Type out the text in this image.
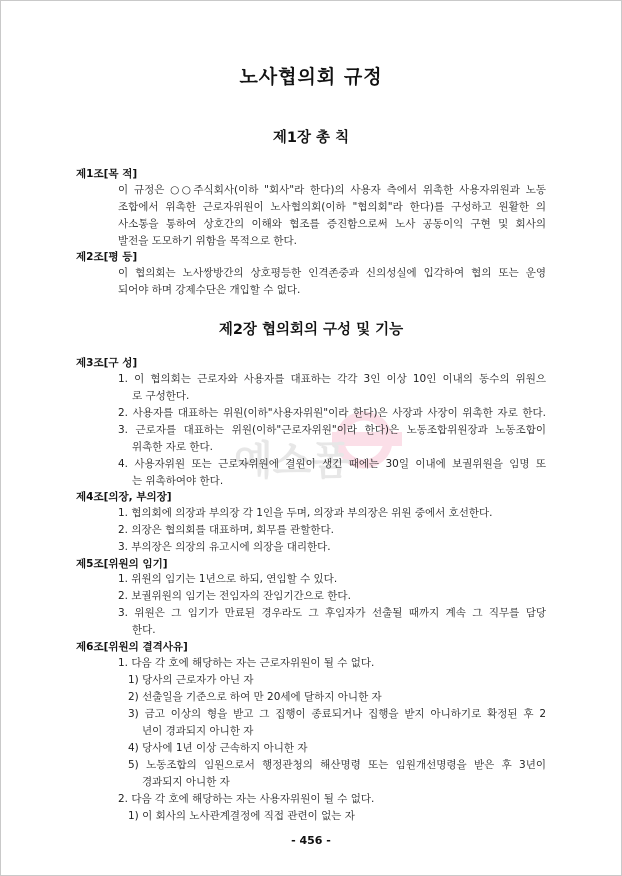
예스폼
노사협의회 규정
제1장 총 칙
제1조[목 적]
이 규정은 ○○주식회사(이하 "회사"라 한다)의 사용자 측에서 위촉한 사용자위원과 노동
조합에서 위촉한 근로자위원이 노사협의회(이하 "협의회"라 한다)를 구성하고 원활한 의
사소통을 통하여 상호간의 이해와 협조를 증진함으로써 노사 공동이익 구현 및 회사의
발전을 도모하기 위함을 목적으로 한다.
제2조[평 등]
이 협의회는 노사쌍방간의 상호평등한 인격존중과 신의성실에 입각하여 협의 또는 운영
되어야 하며 강제수단은 개입할 수 없다.
제2장 협의회의 구성 및 기능
제3조[구 성]
1. 이 협의회는 근로자와 사용자를 대표하는 각각 3인 이상 10인 이내의 동수의 위원으
로 구성한다.
2. 사용자를 대표하는 위원(이하"사용자위원"이라 한다)은 사장과 사장이 위촉한 자로 한다.
3. 근로자를 대표하는 위원(이하"근로자위원"이라 한다)은 노동조합위원장과 노동조합이
위촉한 자로 한다.
4. 사용자위원 또는 근로자위원에 결원이 생긴 때에는 30일 이내에 보궐위원을 임명 또
는 위촉하여야 한다.
제4조[의장, 부의장]
1. 협의회에 의장과 부의장 각 1인을 두며, 의장과 부의장은 위원 중에서 호선한다.
2. 의장은 협의회를 대표하며, 회무를 관할한다.
3. 부의장은 의장의 유고시에 의장을 대리한다.
제5조[위원의 임기]
1. 위원의 임기는 1년으로 하되, 연임할 수 있다.
2. 보궐위원의 임기는 전임자의 잔임기간으로 한다.
3. 위원은 그 임기가 만료된 경우라도 그 후임자가 선출될 때까지 계속 그 직무를 담당
한다.
제6조[위원의 결격사유]
1. 다음 각 호에 해당하는 자는 근로자위원이 될 수 없다.
1) 당사의 근로자가 아닌 자
2) 선출일을 기준으로 하여 만 20세에 달하지 아니한 자
3) 금고 이상의 형을 받고 그 집행이 종료되거나 집행을 받지 아니하기로 확정된 후 2
년이 경과되지 아니한 자
4) 당사에 1년 이상 근속하지 아니한 자
5) 노동조합의 임원으로서 행정관청의 해산명령 또는 임원개선명령을 받은 후 3년이
경과되지 아니한 자
2. 다음 각 호에 해당하는 자는 사용자위원이 될 수 없다.
1) 이 회사의 노사관계결정에 직접 관련이 없는 자
- 456 -
